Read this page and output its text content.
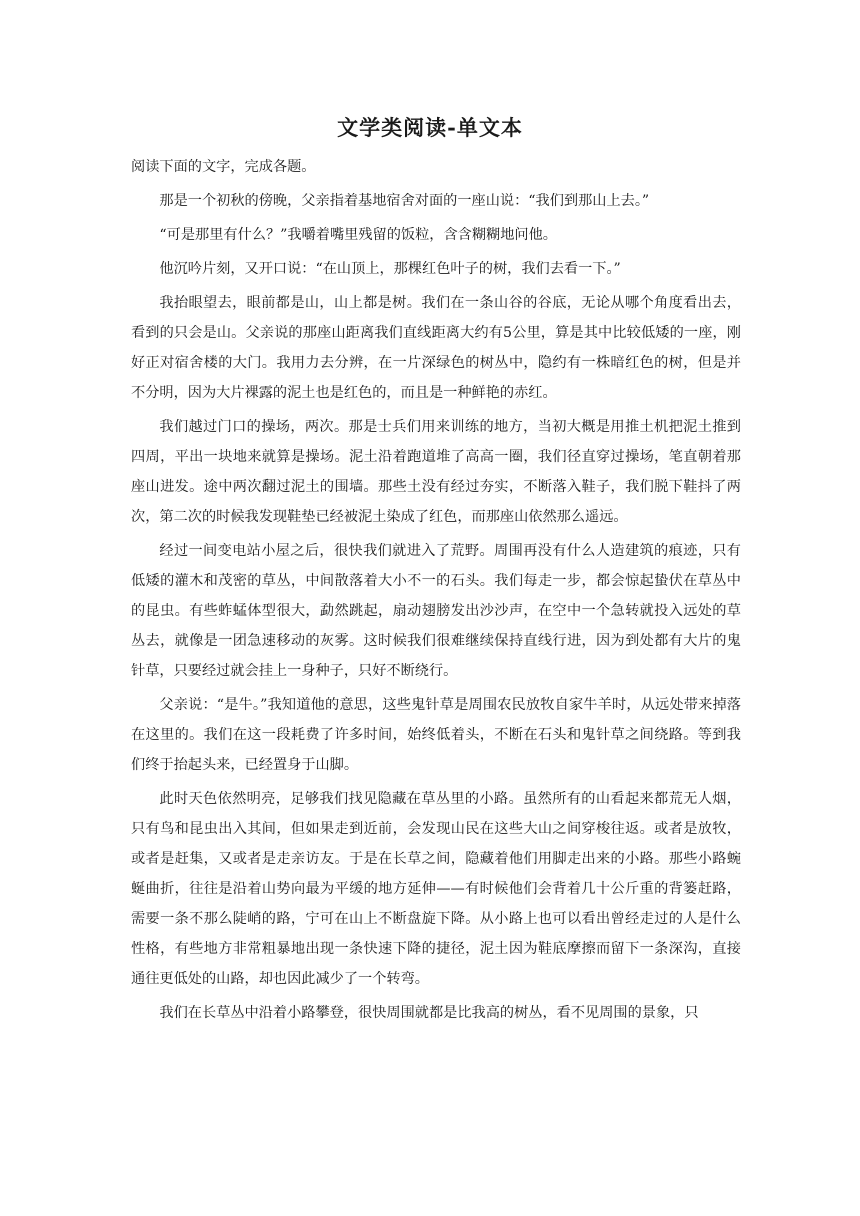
文学类阅读-单文本

阅读下面的文字，完成各题。

那是一个初秋的傍晚，父亲指着基地宿舍对面的一座山说：“我们到那山上去。”

“可是那里有什么？”我嚼着嘴里残留的饭粒，含含糊糊地问他。

他沉吟片刻，又开口说：“在山顶上，那棵红色叶子的树，我们去看一下。”

我抬眼望去，眼前都是山，山上都是树。我们在一条山谷的谷底，无论从哪个角度看出去，看到的只会是山。父亲说的那座山距离我们直线距离大约有5公里，算是其中比较低矮的一座，刚好正对宿舍楼的大门。我用力去分辨，在一片深绿色的树丛中，隐约有一株暗红色的树，但是并不分明，因为大片裸露的泥土也是红色的，而且是一种鲜艳的赤红。

我们越过门口的操场，两次。那是士兵们用来训练的地方，当初大概是用推土机把泥土推到四周，平出一块地来就算是操场。泥土沿着跑道堆了高高一圈，我们径直穿过操场，笔直朝着那座山进发。途中两次翻过泥土的围墙。那些土没有经过夯实，不断落入鞋子，我们脱下鞋抖了两次，第二次的时候我发现鞋垫已经被泥土染成了红色，而那座山依然那么遥远。

经过一间变电站小屋之后，很快我们就进入了荒野。周围再没有什么人造建筑的痕迹，只有低矮的灌木和茂密的草丛，中间散落着大小不一的石头。我们每走一步，都会惊起蛰伏在草丛中的昆虫。有些蚱蜢体型很大，勐然跳起，扇动翅膀发出沙沙声，在空中一个急转就投入远处的草丛去，就像是一团急速移动的灰雾。这时候我们很难继续保持直线行进，因为到处都有大片的鬼针草，只要经过就会挂上一身种子，只好不断绕行。

父亲说：“是牛。”我知道他的意思，这些鬼针草是周围农民放牧自家牛羊时，从远处带来掉落在这里的。我们在这一段耗费了许多时间，始终低着头，不断在石头和鬼针草之间绕路。等到我们终于抬起头来，已经置身于山脚。

此时天色依然明亮，足够我们找见隐藏在草丛里的小路。虽然所有的山看起来都荒无人烟，只有鸟和昆虫出入其间，但如果走到近前，会发现山民在这些大山之间穿梭往返。或者是放牧，或者是赶集，又或者是走亲访友。于是在长草之间，隐藏着他们用脚走出来的小路。那些小路蜿蜒曲折，往往是沿着山势向最为平缓的地方延伸——有时候他们会背着几十公斤重的背篓赶路，需要一条不那么陡峭的路，宁可在山上不断盘旋下降。从小路上也可以看出曾经走过的人是什么性格，有些地方非常粗暴地出现一条快速下降的捷径，泥土因为鞋底摩擦而留下一条深沟，直接通往更低处的山路，却也因此减少了一个转弯。

我们在长草丛中沿着小路攀登，很快周围就都是比我高的树丛，看不见周围的景象，只
